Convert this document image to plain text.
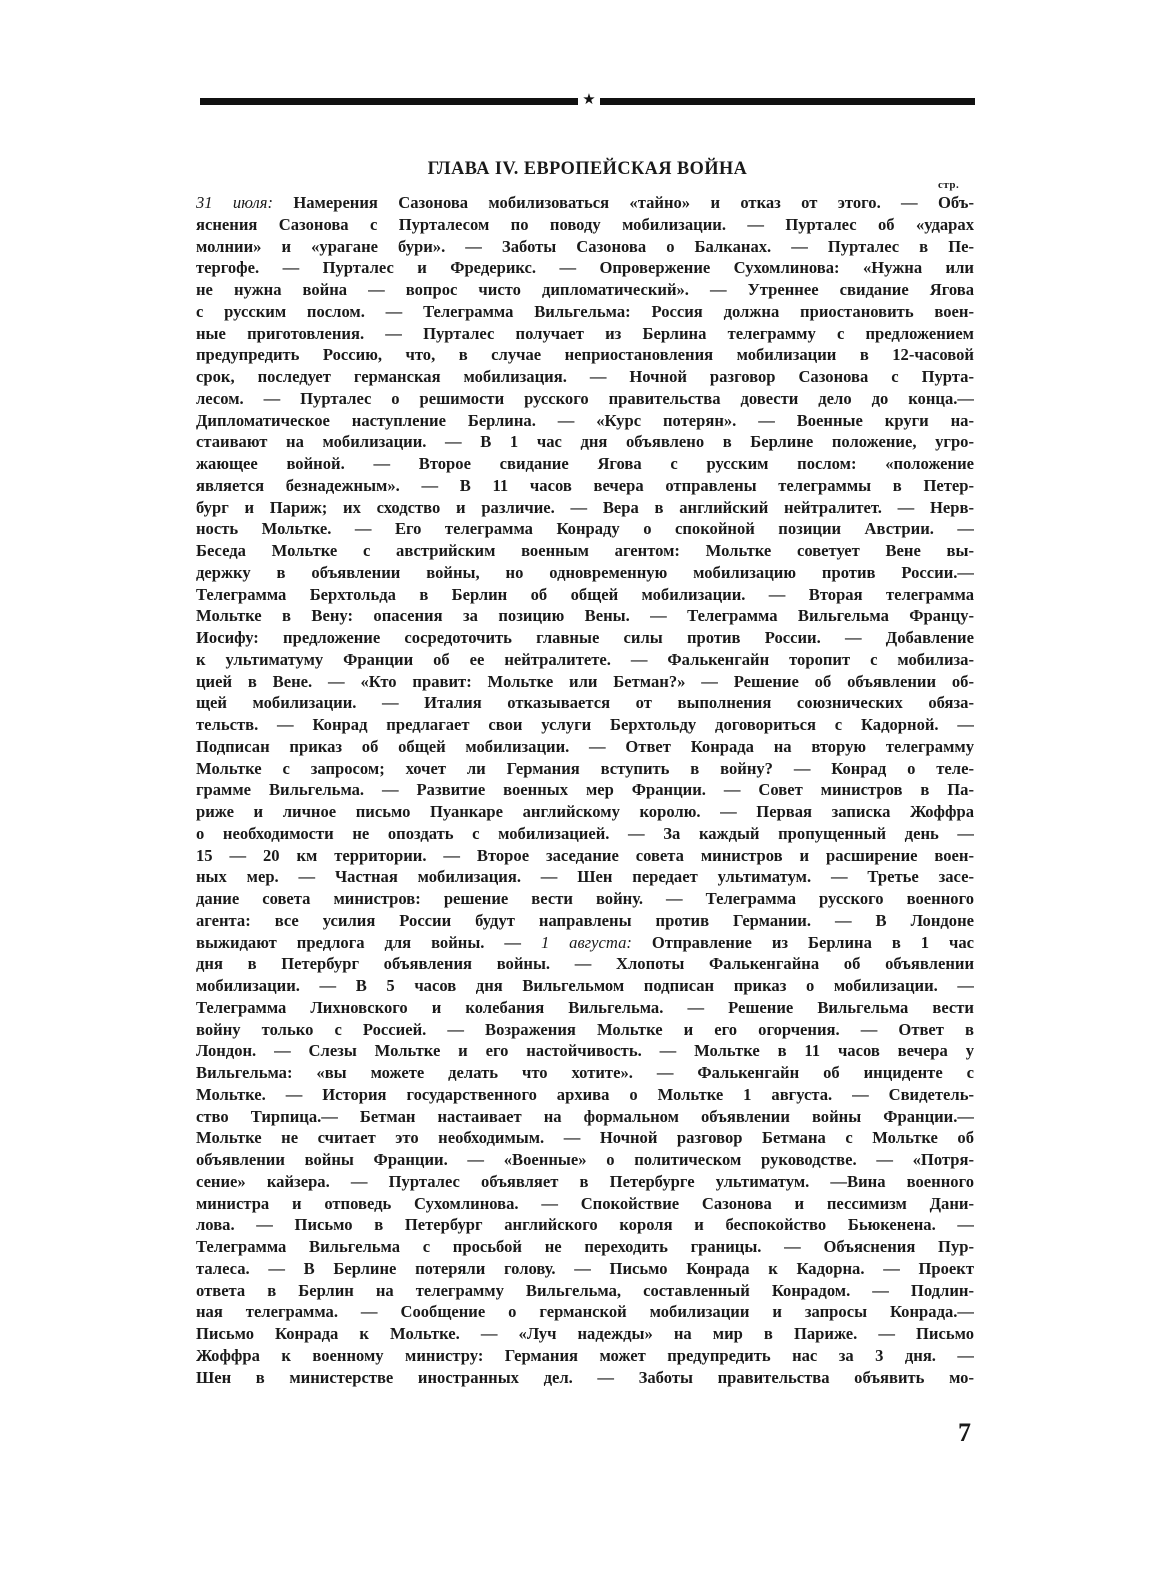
★
ГЛАВА IV. ЕВРОПЕЙСКАЯ ВОЙНА
стр.
31 июля: Намерения Сазонова мобилизоваться «тайно» и отказ от этого. — Объ-
яснения Сазонова с Пурталесом по поводу мобилизации. — Пурталес об «ударах
молнии» и «урагане бури». — Заботы Сазонова о Балканах. — Пурталес в Пе-
тергофе. — Пурталес и Фредерикс. — Опровержение Сухомлинова: «Нужна или
не нужна война — вопрос чисто дипломатический». — Утреннее свидание Ягова
с русским послом. — Телеграмма Вильгельма: Россия должна приостановить воен-
ные приготовления. — Пурталес получает из Берлина телеграмму с предложением
предупредить Россию, что, в случае неприостановления мобилизации в 12-часовой
срок, последует германская мобилизация. — Ночной разговор Сазонова с Пурта-
лесом. — Пурталес о решимости русского правительства довести дело до конца.—
Дипломатическое наступление Берлина. — «Курс потерян». — Военные круги на-
стаивают на мобилизации. — В 1 час дня объявлено в Берлине положение, угро-
жающее войной. — Второе свидание Ягова с русским послом: «положение
является безнадежным». — В 11 часов вечера отправлены телеграммы в Петер-
бург и Париж; их сходство и различие. — Вера в английский нейтралитет. — Нерв-
ность Мольтке. — Его телеграмма Конраду о спокойной позиции Австрии. —
Беседа Мольтке с австрийским военным агентом: Мольтке советует Вене вы-
держку в объявлении войны, но одновременную мобилизацию против России.—
Телеграмма Берхтольда в Берлин об общей мобилизации. — Вторая телеграмма
Мольтке в Вену: опасения за позицию Вены. — Телеграмма Вильгельма Францу-
Иосифу: предложение сосредоточить главные силы против России. — Добавление
к ультиматуму Франции об ее нейтралитете. — Фалькенгайн торопит с мобилиза-
цией в Вене. — «Кто правит: Мольтке или Бетман?» — Решение об объявлении об-
щей мобилизации. — Италия отказывается от выполнения союзнических обяза-
тельств. — Конрад предлагает свои услуги Берхтольду договориться с Кадорной. —
Подписан приказ об общей мобилизации. — Ответ Конрада на вторую телеграмму
Мольтке с запросом; хочет ли Германия вступить в войну? — Конрад о теле-
грамме Вильгельма. — Развитие военных мер Франции. — Совет министров в Па-
риже и личное письмо Пуанкаре английскому королю. — Первая записка Жоффра
о необходимости не опоздать с мобилизацией. — За каждый пропущенный день —
15 — 20 км территории. — Второе заседание совета министров и расширение воен-
ных мер. — Частная мобилизация. — Шен передает ультиматум. — Третье засе-
дание совета министров: решение вести войну. — Телеграмма русского военного
агента: все усилия России будут направлены против Германии. — В Лондоне
выжидают предлога для войны. — 1 августа: Отправление из Берлина в 1 час
дня в Петербург объявления войны. — Хлопоты Фалькенгайна об объявлении
мобилизации. — В 5 часов дня Вильгельмом подписан приказ о мобилизации. —
Телеграмма Лихновского и колебания Вильгельма. — Решение Вильгельма вести
войну только с Россией. — Возражения Мольтке и его огорчения. — Ответ в
Лондон. — Слезы Мольтке и его настойчивость. — Мольтке в 11 часов вечера у
Вильгельма: «вы можете делать что хотите». — Фалькенгайн об инциденте с
Мольтке. — История государственного архива о Мольтке 1 августа. — Свидетель-
ство Тирпица.— Бетман настаивает на формальном объявлении войны Франции.—
Мольтке не считает это необходимым. — Ночной разговор Бетмана с Мольтке об
объявлении войны Франции. — «Военные» о политическом руководстве. — «Потря-
сение» кайзера. — Пурталес объявляет в Петербурге ультиматум. —Вина военного
министра и отповедь Сухомлинова. — Спокойствие Сазонова и пессимизм Дани-
лова. — Письмо в Петербург английского короля и беспокойство Бьюкенена. —
Телеграмма Вильгельма с просьбой не переходить границы. — Объяснения Пур-
талеса. — В Берлине потеряли голову. — Письмо Конрада к Кадорна. — Проект
ответа в Берлин на телеграмму Вильгельма, составленный Конрадом. — Подлин-
ная телеграмма. — Сообщение о германской мобилизации и запросы Конрада.—
Письмо Конрада к Мольтке. — «Луч надежды» на мир в Париже. — Письмо
Жоффра к военному министру: Германия может предупредить нас за 3 дня. —
Шен в министерстве иностранных дел. — Заботы правительства объявить мо-
7
